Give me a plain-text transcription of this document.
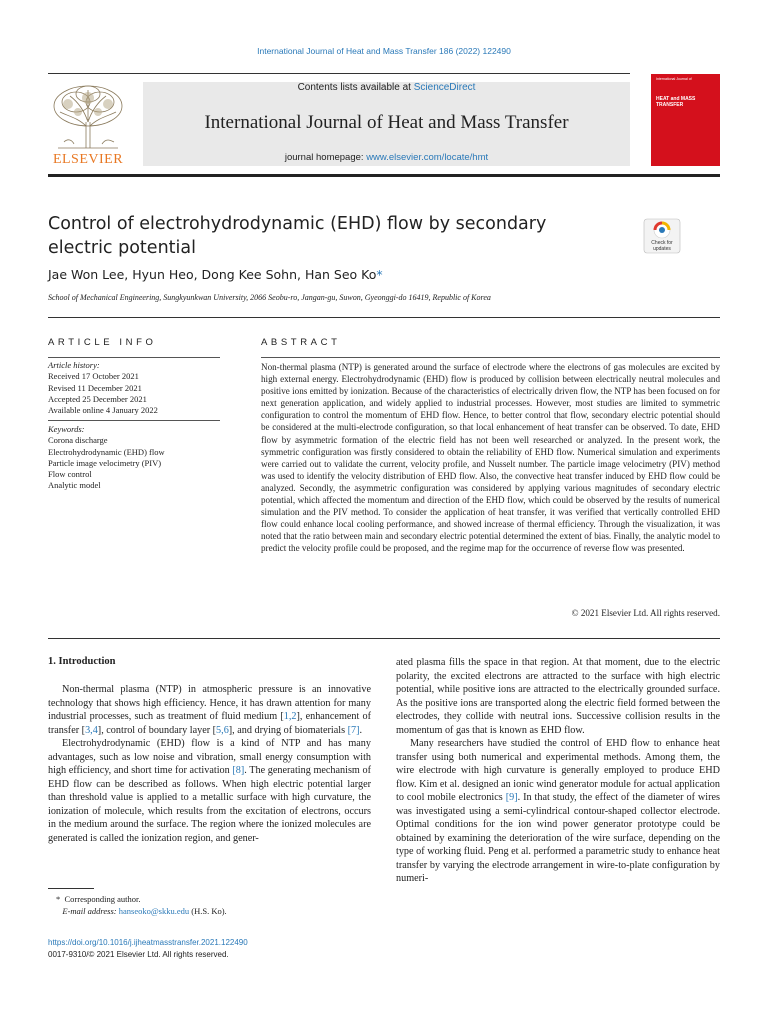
International Journal of Heat and Mass Transfer 186 (2022) 122490
ELSEVIER
Contents lists available at ScienceDirect
International Journal of Heat and Mass Transfer
journal homepage: www.elsevier.com/locate/hmt
International Journal of
HEAT and MASS TRANSFER
Control of electrohydrodynamic (EHD) flow by secondary electric potential	Check for
updates
Jae Won Lee, Hyun Heo, Dong Kee Sohn, Han Seo Ko*
School of Mechanical Engineering, Sungkyunkwan University, 2066 Seobu-ro, Jangan-gu, Suwon, Gyeonggi-do 16419, Republic of Korea
ARTICLE INFO
Article history:
Received 17 October 2021
Revised 11 December 2021
Accepted 25 December 2021
Available online 4 January 2022
Keywords:
Corona discharge
Electrohydrodynamic (EHD) flow
Particle image velocimetry (PIV)
Flow control
Analytic model
ABSTRACT
Non-thermal plasma (NTP) is generated around the surface of electrode where the electrons of gas molecules are excited by high external energy. Electrohydrodynamic (EHD) flow is produced by collision between electrically neutral molecules and positive ions emitted by ionization. Because of the characteristics of electrically driven flow, the NTP has been focused on for next generation application, and widely applied to industrial processes. However, most studies are limited to symmetric configuration to control the momentum of EHD flow. Hence, to better control that flow, secondary electric potential should be considered at the multi-electrode configuration, so that local enhancement of heat transfer can be observed. To date, EHD flow by asymmetric formation of the electric field has not been well researched or analyzed. In the present work, the symmetric configuration was firstly considered to obtain the reliability of EHD flow. Numerical simulation and experiments were carried out to validate the current, velocity profile, and Nusselt number. The particle image velocimetry (PIV) method was used to identify the velocity distribution of EHD flow. Also, the convective heat transfer induced by EHD flow could be analyzed. Secondly, the asymmetric configuration was considered by applying various magnitudes of secondary electric potential, which affected the momentum and direction of the EHD flow, which could be observed by the results of numerical simulation and the PIV method. To consider the application of heat transfer, it was verified that vertically controlled EHD flow could enhance local cooling performance, and showed increase of thermal efficiency. Through the visualization, it was noted that the ratio between main and secondary electric potential determined the extent of bias. Finally, the analytic model to predict the velocity profile could be proposed, and the regime map for the occurrence of reverse flow was presented.
© 2021 Elsevier Ltd. All rights reserved.
1. Introduction

Non-thermal plasma (NTP) in atmospheric pressure is an innovative technology that shows high efficiency. Hence, it has drawn attention for many industrial processes, such as treatment of fluid medium [1,2], enhancement of transfer [3,4], control of boundary layer [5,6], and drying of biomaterials [7].

Electrohydrodynamic (EHD) flow is a kind of NTP and has many advantages, such as low noise and vibration, small energy consumption with high efficiency, and short time for activation [8]. The generating mechanism of EHD flow can be described as follows. When high electric potential larger than threshold value is applied to a metallic surface with high curvature, the ionization of molecule, which results from the excitation of electrons, occurs in the medium around the surface. The region where the ionized molecules are generated is called the ionization region, and gener-

ated plasma fills the space in that region. At that moment, due to the electric polarity, the excited electrons are attracted to the surface with high electric potential, while positive ions are attracted to the electrically grounded surface. As the positive ions are transported along the electric field formed between the electrodes, they collide with neutral ions. Successive collision results in the momentum of gas that is known as EHD flow.

Many researchers have studied the control of EHD flow to enhance heat transfer using both numerical and experimental methods. Among them, the wire electrode with high curvature is generally employed to produce EHD flow. Kim et al. designed an ionic wind generator module for actual application to cool mobile electronics [9]. In that study, the effect of the diameter of wires was investigated using a semi-cylindrical contour-shaped collector electrode. Optimal conditions for the ion wind power generator prototype could be obtained by examining the deterioration of the wire surface, depending on the type of working fluid. Peng et al. performed a parametric study to enhance heat transfer by varying the electrode arrangement in wire-to-plate configuration by numeri-

* Corresponding author.
E-mail address: hanseoko@skku.edu (H.S. Ko).
https://doi.org/10.1016/j.ijheatmasstransfer.2021.122490
0017-9310/© 2021 Elsevier Ltd. All rights reserved.
